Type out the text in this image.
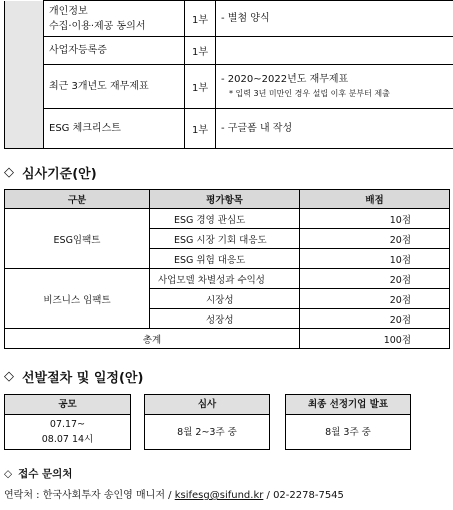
	개인정보
수집·이용·제공 동의서	1부	- 별첨 양식
	사업자등록증	1부	
	최근 3개년도 재무제표	1부	- 2020~2022년도 재무제표
* 입력 3년 미만인 경우 설립 이후 분부터 제출

	ESG 체크리스트	1부	- 구글폼 내 작성
◇ 심사기준(안)
구분	평가항목	배점
ESG임팩트	ESG 경영 관심도	10점
	ESG 시장 기회 대응도	20점
	ESG 위험 대응도	10점
비즈니스 임팩트	사업모델 차별성과 수익성	20점
	시장성	20점
	성장성	20점
총계		100점
◇ 선발절차 및 일정(안)
공모
07.17~
08.07 14시
심사
8월 2~3주 중
최종 선정기업 발표
8월 3주 중
◇ 접수 문의처
연락처 : 한국사회투자 송인영 매니저 / ksifesg@sifund.kr / 02-2278-7545
